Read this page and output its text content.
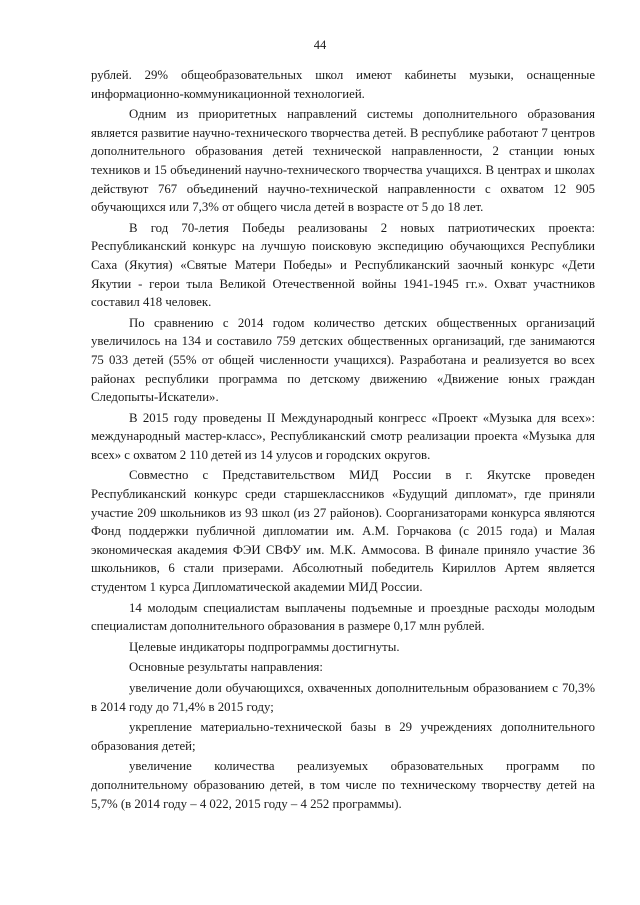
44

рублей. 29% общеобразовательных школ имеют кабинеты музыки, оснащенные информационно-коммуникационной технологией.

Одним из приоритетных направлений системы дополнительного образования является развитие научно-технического творчества детей. В республике работают 7 центров дополнительного образования детей технической направленности, 2 станции юных техников и 15 объединений научно-технического творчества учащихся. В центрах и школах действуют 767 объединений научно-технической направленности с охватом 12 905 обучающихся или 7,3% от общего числа детей в возрасте от 5 до 18 лет.

В год 70-летия Победы реализованы 2 новых патриотических проекта: Республиканский конкурс на лучшую поисковую экспедицию обучающихся Республики Саха (Якутия) «Святые Матери Победы» и Республиканский заочный конкурс «Дети Якутии - герои тыла Великой Отечественной войны 1941-1945 гг.». Охват участников составил 418 человек.

По сравнению с 2014 годом количество детских общественных организаций увеличилось на 134 и составило 759 детских общественных организаций, где занимаются 75 033 детей (55% от общей численности учащихся). Разработана и реализуется во всех районах республики программа по детскому движению «Движение юных граждан Следопыты-Искатели».

В 2015 году проведены II Международный конгресс «Проект «Музыка для всех»: международный мастер-класс», Республиканский смотр реализации проекта «Музыка для всех» с охватом 2 110 детей из 14 улусов и городских округов.

Совместно с Представительством МИД России в г. Якутске проведен Республиканский конкурс среди старшеклассников «Будущий дипломат», где приняли участие 209 школьников из 93 школ (из 27 районов). Соорганизаторами конкурса являются Фонд поддержки публичной дипломатии им. А.М. Горчакова (с 2015 года) и Малая экономическая академия ФЭИ СВФУ им. М.К. Аммосова. В финале приняло участие 36 школьников, 6 стали призерами. Абсолютный победитель Кириллов Артем является студентом 1 курса Дипломатической академии МИД России.

14 молодым специалистам выплачены подъемные и проездные расходы молодым специалистам дополнительного образования в размере 0,17 млн рублей.

Целевые индикаторы подпрограммы достигнуты.

Основные результаты направления:

увеличение доли обучающихся, охваченных дополнительным образованием с 70,3% в 2014 году до 71,4% в 2015 году;

укрепление материально-технической базы в 29 учреждениях дополнительного образования детей;

увеличение количества реализуемых образовательных программ по дополнительному образованию детей, в том числе по техническому творчеству детей на 5,7% (в 2014 году – 4 022, 2015 году – 4 252 программы).
